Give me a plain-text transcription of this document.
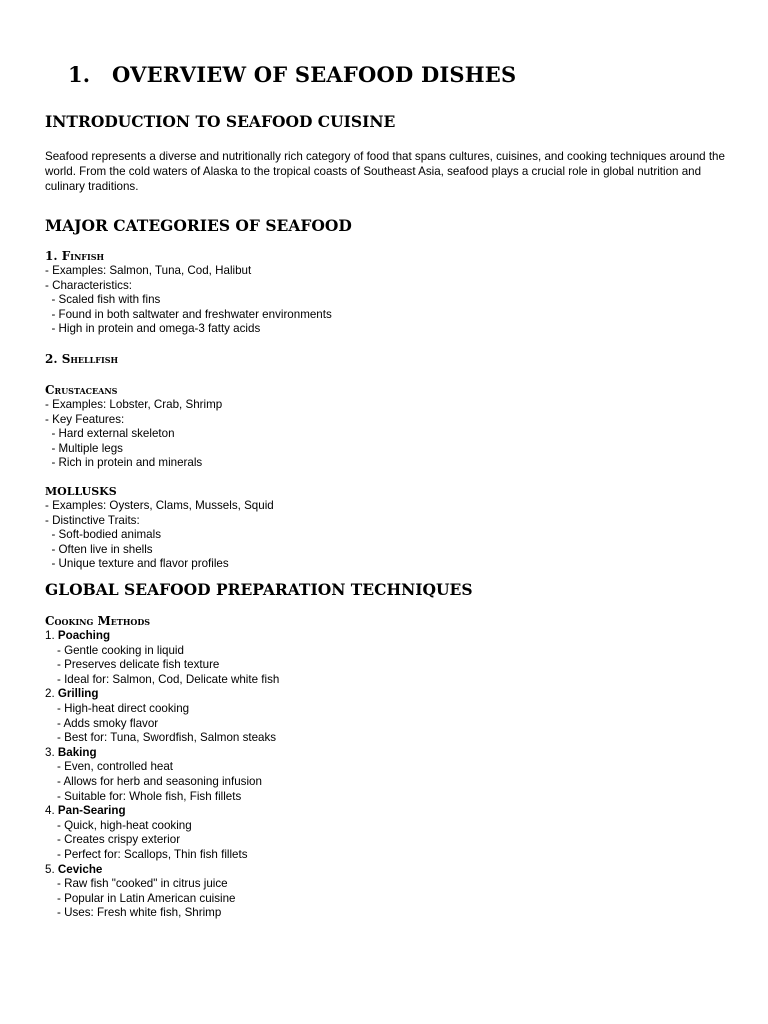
1. OVERVIEW OF SEAFOOD DISHES
INTRODUCTION TO SEAFOOD CUISINE
Seafood represents a diverse and nutritionally rich category of food that spans cultures, cuisines, and cooking techniques around the world. From the cold waters of Alaska to the tropical coasts of Southeast Asia, seafood plays a crucial role in global nutrition and culinary traditions.
MAJOR CATEGORIES OF SEAFOOD
1. Finfish
- Examples: Salmon, Tuna, Cod, Halibut
- Characteristics:
- Scaled fish with fins
- Found in both saltwater and freshwater environments
- High in protein and omega-3 fatty acids
2. Shellfish
Crustaceans
- Examples: Lobster, Crab, Shrimp
- Key Features:
- Hard external skeleton
- Multiple legs
- Rich in protein and minerals
MOLLUSKS
- Examples: Oysters, Clams, Mussels, Squid
- Distinctive Traits:
- Soft-bodied animals
- Often live in shells
- Unique texture and flavor profiles
GLOBAL SEAFOOD PREPARATION TECHNIQUES
Cooking Methods
1. Poaching
- Gentle cooking in liquid
- Preserves delicate fish texture
- Ideal for: Salmon, Cod, Delicate white fish
2. Grilling
- High-heat direct cooking
- Adds smoky flavor
- Best for: Tuna, Swordfish, Salmon steaks
3. Baking
- Even, controlled heat
- Allows for herb and seasoning infusion
- Suitable for: Whole fish, Fish fillets
4. Pan-Searing
- Quick, high-heat cooking
- Creates crispy exterior
- Perfect for: Scallops, Thin fish fillets
5. Ceviche
- Raw fish "cooked" in citrus juice
- Popular in Latin American cuisine
- Uses: Fresh white fish, Shrimp
